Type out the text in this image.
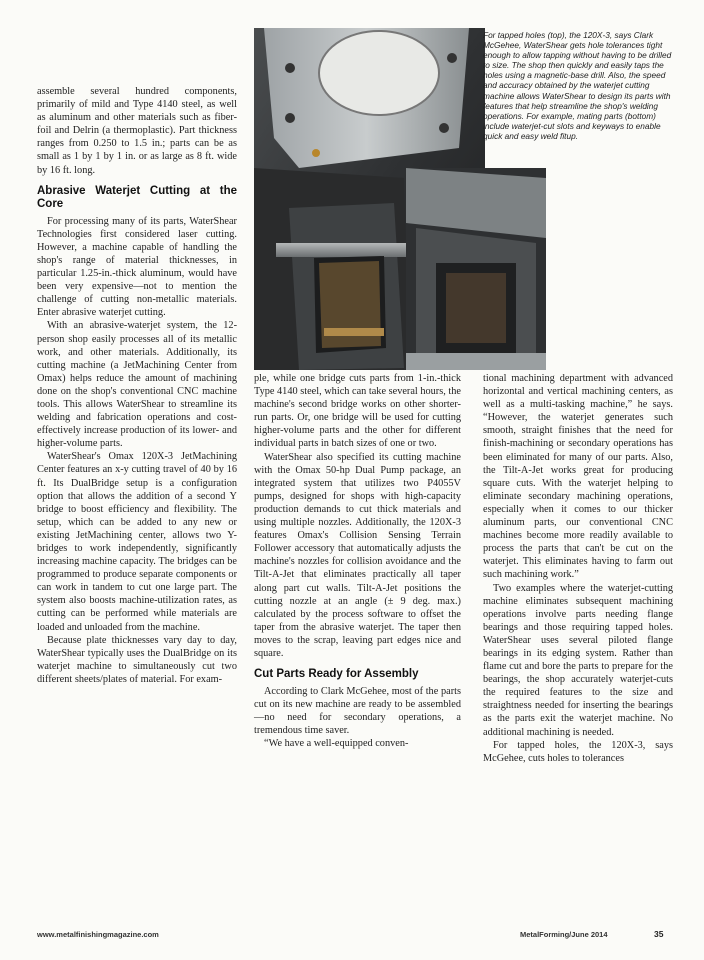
For tapped holes (top), the 120X-3, says Clark McGehee, WaterShear gets hole tolerances tight enough to allow tapping without having to be drilled to size. The shop then quickly and easily taps the holes using a magnetic-base drill. Also, the speed and accuracy obtained by the waterjet cutting machine allows WaterShear to design its parts with features that help streamline the shop's welding operations. For example, mating parts (bottom) include waterjet-cut slots and keyways to enable quick and easy weld fitup.

assemble several hundred components, primarily of mild and Type 4140 steel, as well as aluminum and other materials such as fiber-foil and Delrin (a thermoplastic). Part thickness ranges from 0.250 to 1.5 in.; parts can be as small as 1 by 1 by 1 in. or as large as 8 ft. wide by 16 ft. long.

Abrasive Waterjet Cutting at the Core

For processing many of its parts, WaterShear Technologies first considered laser cutting. However, a machine capable of handling the shop's range of material thicknesses, in particular 1.25-in.-thick aluminum, would have been very expensive—not to mention the challenge of cutting non-metallic materials. Enter abrasive waterjet cutting.

With an abrasive-waterjet system, the 12-person shop easily processes all of its metallic work, and other materials. Additionally, its cutting machine (a JetMachining Center from Omax) helps reduce the amount of machining done on the shop's conventional CNC machine tools. This allows WaterShear to streamline its welding and fabrication operations and cost-effectively increase production of its lower- and higher-volume parts.

WaterShear's Omax 120X-3 JetMachining Center features an x-y cutting travel of 40 by 16 ft. Its DualBridge setup is a configuration option that allows the addition of a second Y bridge to boost efficiency and flexibility. The setup, which can be added to any new or existing JetMachining center, allows two Y-bridges to work independently, significantly increasing machine capacity. The bridges can be programmed to produce separate components or can work in tandem to cut one large part. The system also boosts machine-utilization rates, as cutting can be performed while materials are loaded and unloaded from the machine.

Because plate thicknesses vary day to day, WaterShear typically uses the DualBridge on its waterjet machine to simultaneously cut two different sheets/plates of material. For exam-

ple, while one bridge cuts parts from 1-in.-thick Type 4140 steel, which can take several hours, the machine's second bridge works on other shorter-run parts. Or, one bridge will be used for cutting higher-volume parts and the other for different individual parts in batch sizes of one or two.

WaterShear also specified its cutting machine with the Omax 50-hp Dual Pump package, an integrated system that utilizes two P4055V pumps, designed for shops with high-capacity production demands to cut thick materials and using multiple nozzles. Additionally, the 120X-3 features Omax's Collision Sensing Terrain Follower accessory that automatically adjusts the machine's nozzles for collision avoidance and the Tilt-A-Jet that eliminates practically all taper along part cut walls. Tilt-A-Jet positions the cutting nozzle at an angle (± 9 deg. max.) calculated by the process software to offset the taper from the abrasive waterjet. The taper then moves to the scrap, leaving part edges nice and square.

Cut Parts Ready for Assembly

According to Clark McGehee, most of the parts cut on its new machine are ready to be assembled—no need for secondary operations, a tremendous time saver.

“We have a well-equipped conven-

tional machining department with advanced horizontal and vertical machining centers, as well as a multi-tasking machine,” he says. “However, the waterjet generates such smooth, straight finishes that the need for finish-machining or secondary operations has been eliminated for many of our parts. Also, the Tilt-A-Jet works great for producing square cuts. With the waterjet helping to eliminate secondary machining operations, especially when it comes to our thicker aluminum parts, our conventional CNC machines become more readily available to process the parts that can't be cut on the waterjet. This eliminates having to farm out such machining work.”

Two examples where the waterjet-cutting machine eliminates subsequent machining operations involve parts needing flange bearings and those requiring tapped holes. WaterShear uses several piloted flange bearings in its edging system. Rather than flame cut and bore the parts to prepare for the bearings, the shop accurately waterjet-cuts the required features to the size and straightness needed for inserting the bearings as the parts exit the waterjet machine. No additional machining is needed.

For tapped holes, the 120X-3, says McGehee, cuts holes to tolerances

www.metalfinishingmagazine.com	MetalForming/June 2014	35
